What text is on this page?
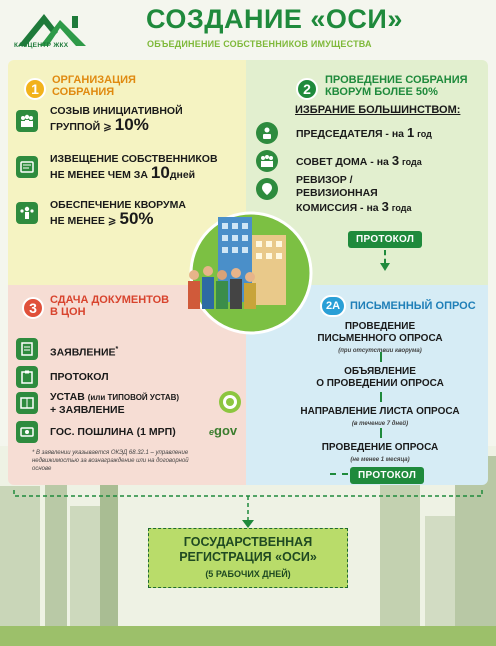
КАЗЦЕНТР ЖКХ
СОЗДАНИЕ «ОСИ»
ОБЪЕДИНЕНИЕ СОБСТВЕННИКОВ ИМУЩЕСТВА
1
ОРГАНИЗАЦИЯ
СОБРАНИЯ
СОЗЫВ ИНИЦИАТИВНОЙ
ГРУППОЙ ⩾ 10%
ИЗВЕЩЕНИЕ СОБСТВЕННИКОВ
НЕ МЕНЕЕ ЧЕМ ЗА 10дней
ОБЕСПЕЧЕНИЕ КВОРУМА
НЕ МЕНЕЕ ⩾ 50%
2
ПРОВЕДЕНИЕ СОБРАНИЯ
КВОРУМ БОЛЕЕ 50%
ИЗБРАНИЕ БОЛЬШИНСТВОМ:
ПРЕДСЕДАТЕЛЯ - на 1 год
СОВЕТ ДОМА - на 3 года
РЕВИЗОР /
РЕВИЗИОННАЯ
КОМИССИЯ - на 3 года
ПРОТОКОЛ
3	СДАЧА ДОКУМЕНТОВ
В ЦОН
ЗАЯВЛЕНИЕ*
ПРОТОКОЛ
УСТАВ (или ТИПОВОЙ УСТАВ)
+ ЗАЯВЛЕНИЕ
ГОС. ПОШЛИНА (1 МРП)	egov
* В заявлении указывается ОКЭД 68.32.1 – управление
недвижимостью за вознаграждение или на договорной
основе
2А ПИСЬМЕННЫЙ ОПРОС
ПРОВЕДЕНИЕ
ПИСЬМЕННОГО ОПРОСА
(при отсутствии кворума)
ОБЪЯВЛЕНИЕ
О ПРОВЕДЕНИИ ОПРОСА
НАПРАВЛЕНИЕ ЛИСТА ОПРОСА
(в течение 7 дней)
ПРОВЕДЕНИЕ ОПРОСА
(не менее 1 месяца)
ПРОТОКОЛ
ГОСУДАРСТВЕННАЯ
РЕГИСТРАЦИЯ «ОСИ»
(5 РАБОЧИХ ДНЕЙ)
